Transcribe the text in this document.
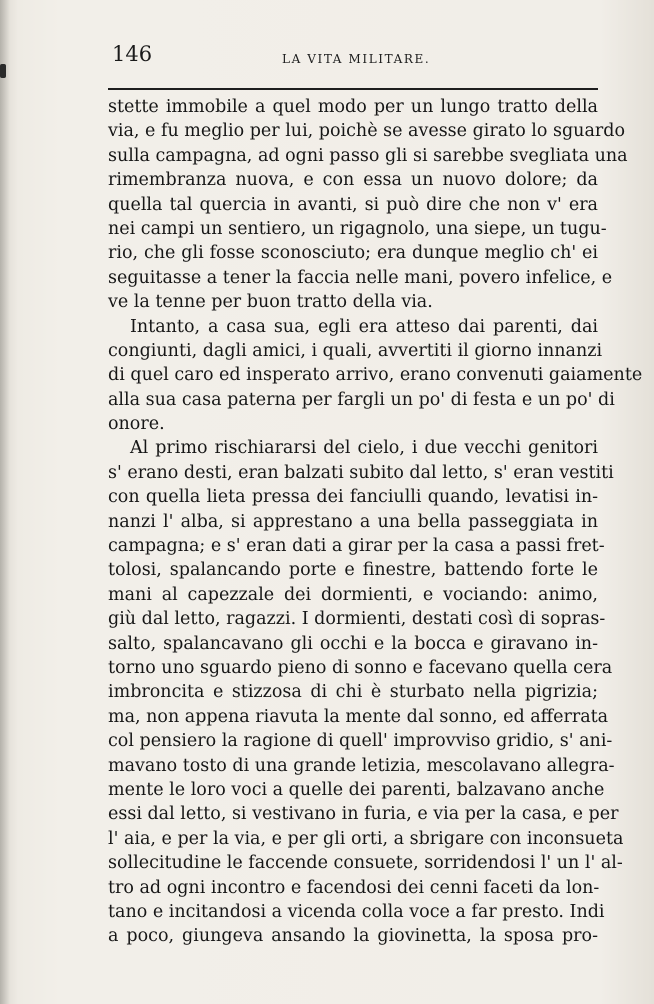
146	LA VITA MILITARE.
stette immobile a quel modo per un lungo tratto della
via, e fu meglio per lui, poichè se avesse girato lo sguardo
sulla campagna, ad ogni passo gli si sarebbe svegliata una
rimembranza nuova, e con essa un nuovo dolore; da
quella tal quercia in avanti, si può dire che non v' era
nei campi un sentiero, un rigagnolo, una siepe, un tugu-
rio, che gli fosse sconosciuto; era dunque meglio ch' ei
seguitasse a tener la faccia nelle mani, povero infelice, e
ve la tenne per buon tratto della via.
Intanto, a casa sua, egli era atteso dai parenti, dai
congiunti, dagli amici, i quali, avvertiti il giorno innanzi
di quel caro ed insperato arrivo, erano convenuti gaiamente
alla sua casa paterna per fargli un po' di festa e un po' di
onore.
Al primo rischiararsi del cielo, i due vecchi genitori
s' erano desti, eran balzati subito dal letto, s' eran vestiti
con quella lieta pressa dei fanciulli quando, levatisi in-
nanzi l' alba, si apprestano a una bella passeggiata in
campagna; e s' eran dati a girar per la casa a passi fret-
tolosi, spalancando porte e finestre, battendo forte le
mani al capezzale dei dormienti, e vociando: animo,
giù dal letto, ragazzi. I dormienti, destati così di sopras-
salto, spalancavano gli occhi e la bocca e giravano in-
torno uno sguardo pieno di sonno e facevano quella cera
imbroncita e stizzosa di chi è sturbato nella pigrizia;
ma, non appena riavuta la mente dal sonno, ed afferrata
col pensiero la ragione di quell' improvviso gridio, s' ani-
mavano tosto di una grande letizia, mescolavano allegra-
mente le loro voci a quelle dei parenti, balzavano anche
essi dal letto, si vestivano in furia, e via per la casa, e per
l' aia, e per la via, e per gli orti, a sbrigare con inconsueta
sollecitudine le faccende consuete, sorridendosi l' un l' al-
tro ad ogni incontro e facendosi dei cenni faceti da lon-
tano e incitandosi a vicenda colla voce a far presto. Indi
a poco, giungeva ansando la giovinetta, la sposa pro-
